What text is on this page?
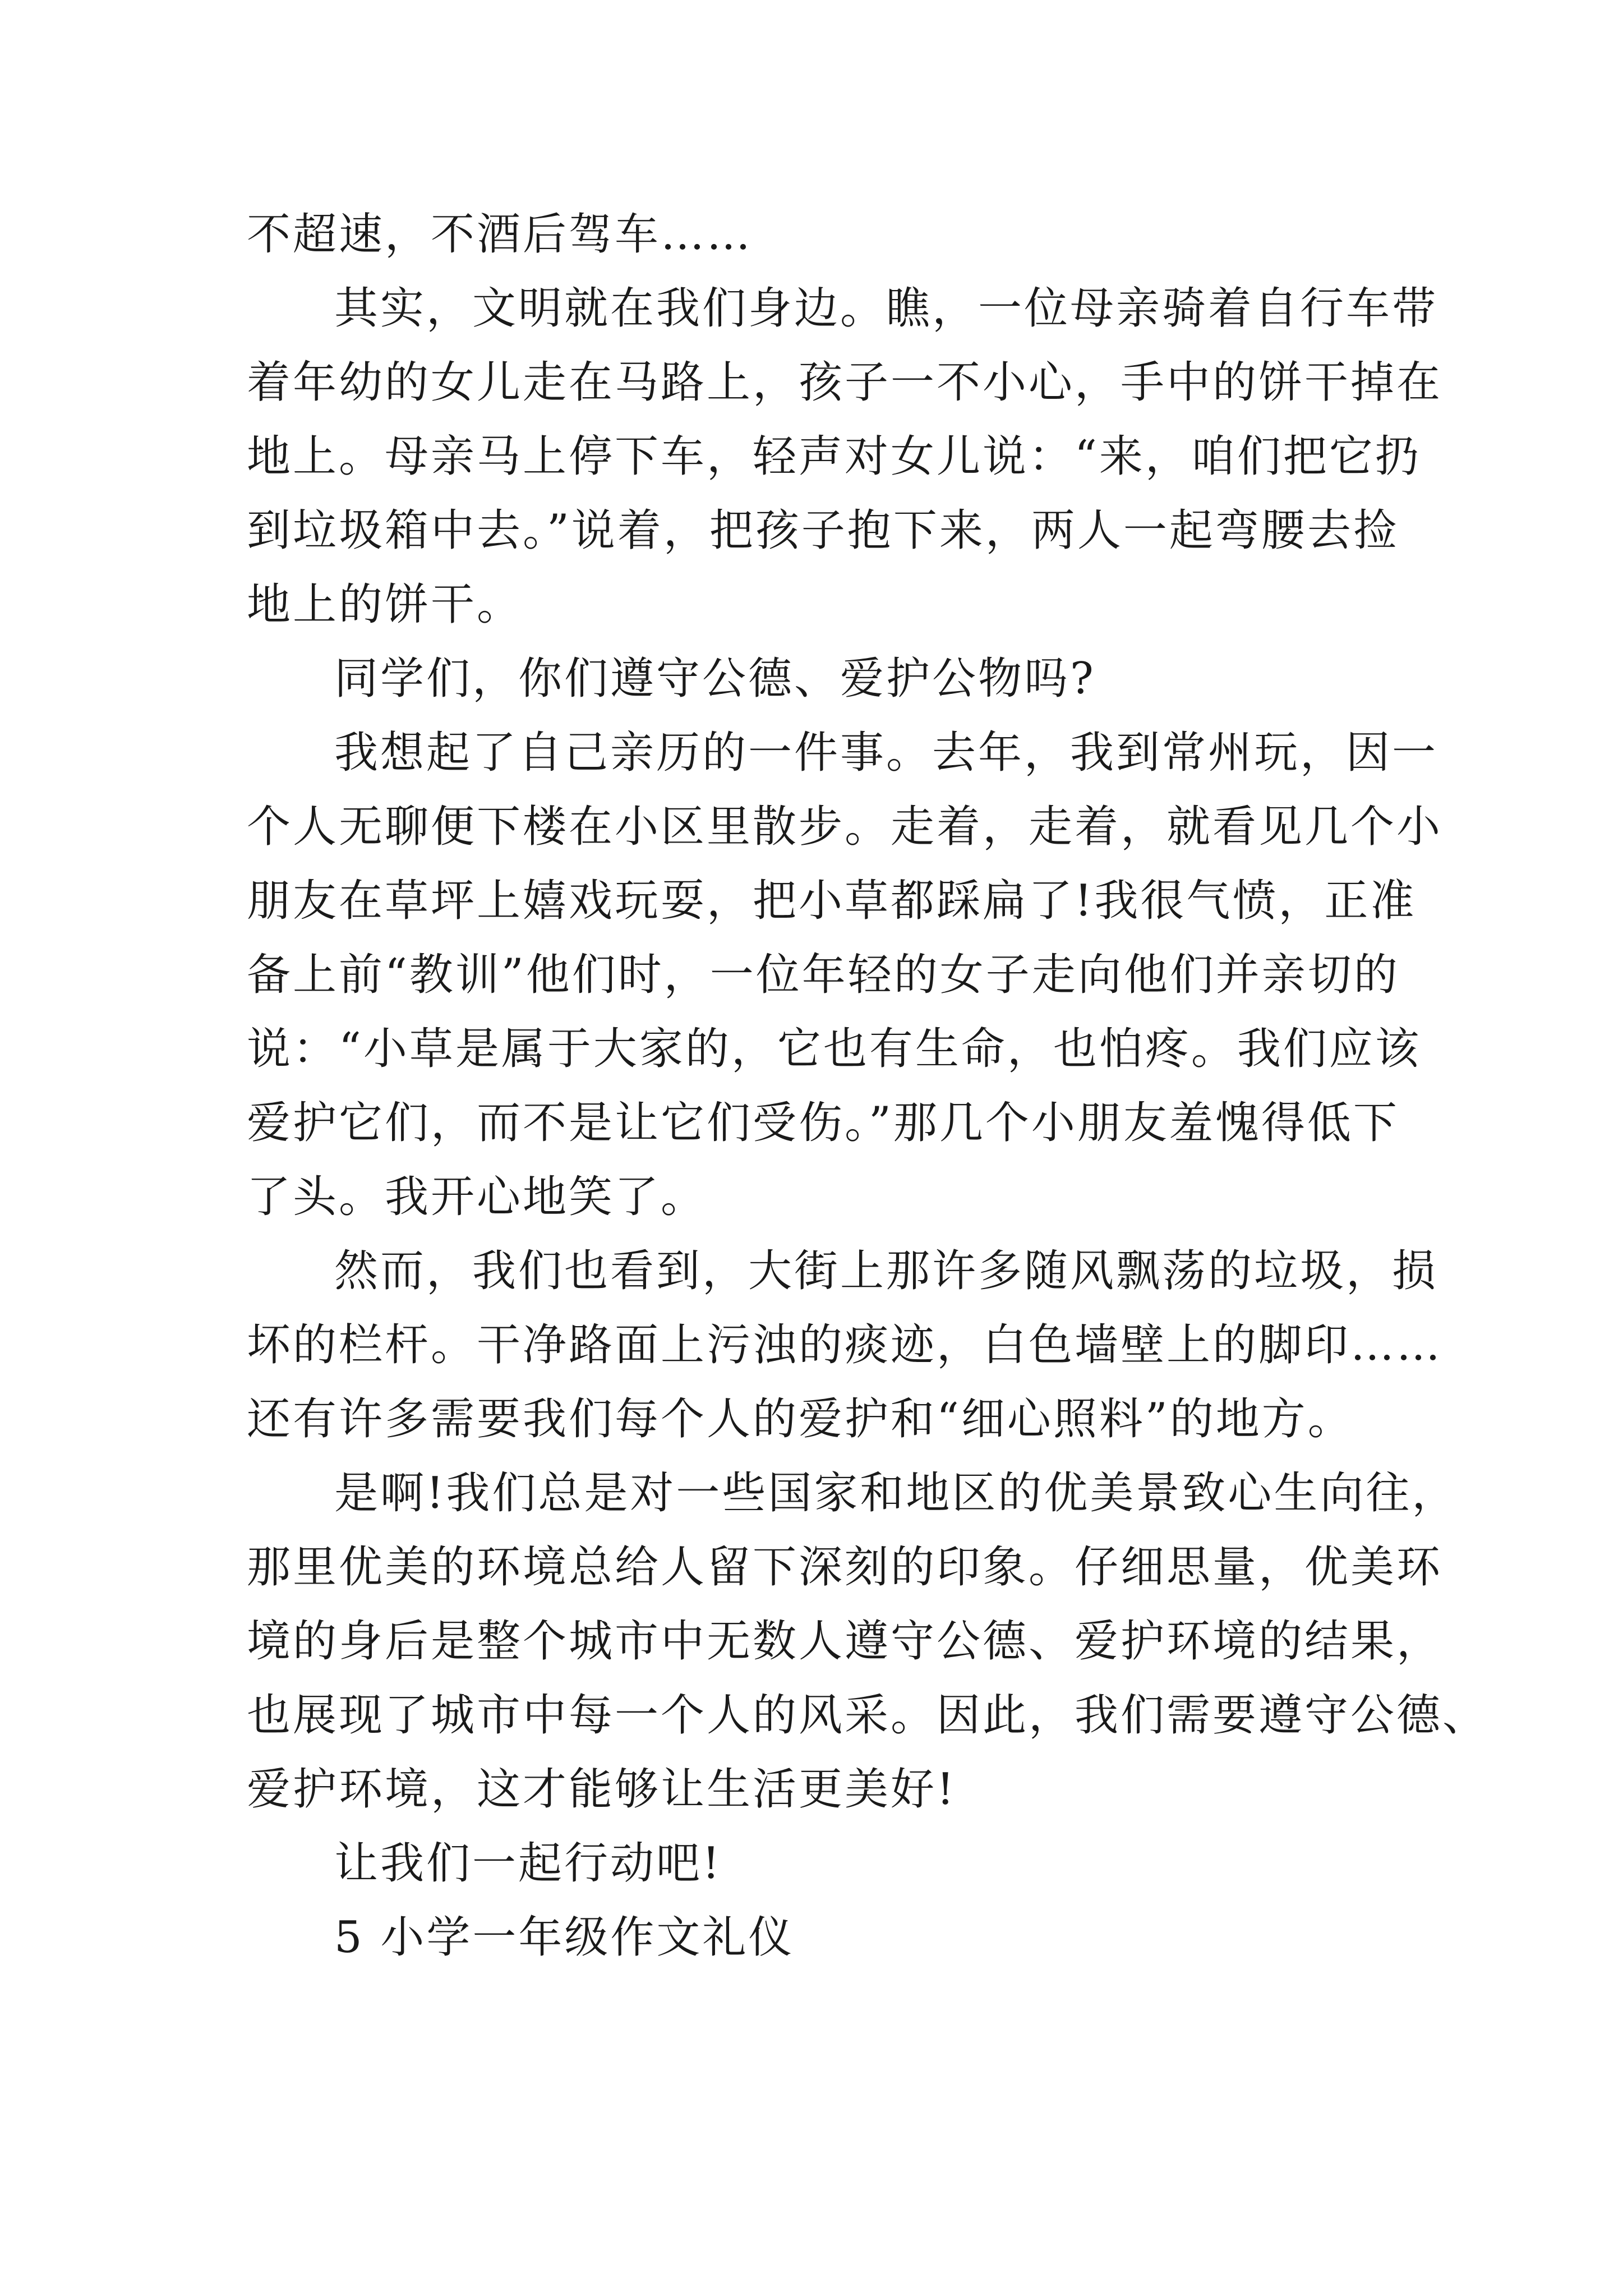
不超速，不酒后驾车……
其实，文明就在我们身边。瞧，一位母亲骑着自行车带
着年幼的女儿走在马路上，孩子一不小心，手中的饼干掉在
地上。母亲马上停下车，轻声对女儿说：“来，咱们把它扔
到垃圾箱中去。”说着，把孩子抱下来，两人一起弯腰去捡
地上的饼干。
同学们，你们遵守公德、爱护公物吗?
我想起了自己亲历的一件事。去年，我到常州玩，因一
个人无聊便下楼在小区里散步。走着，走着，就看见几个小
朋友在草坪上嬉戏玩耍，把小草都踩扁了!我很气愤，正准
备上前“教训”他们时，一位年轻的女子走向他们并亲切的
说：“小草是属于大家的，它也有生命，也怕疼。我们应该
爱护它们，而不是让它们受伤。”那几个小朋友羞愧得低下
了头。我开心地笑了。
然而，我们也看到，大街上那许多随风飘荡的垃圾，损
坏的栏杆。干净路面上污浊的痰迹，白色墙壁上的脚印……
还有许多需要我们每个人的爱护和“细心照料”的地方。
是啊!我们总是对一些国家和地区的优美景致心生向往，
那里优美的环境总给人留下深刻的印象。仔细思量，优美环
境的身后是整个城市中无数人遵守公德、爱护环境的结果，
也展现了城市中每一个人的风采。因此，我们需要遵守公德、
爱护环境，这才能够让生活更美好!
让我们一起行动吧!
5 小学一年级作文礼仪
